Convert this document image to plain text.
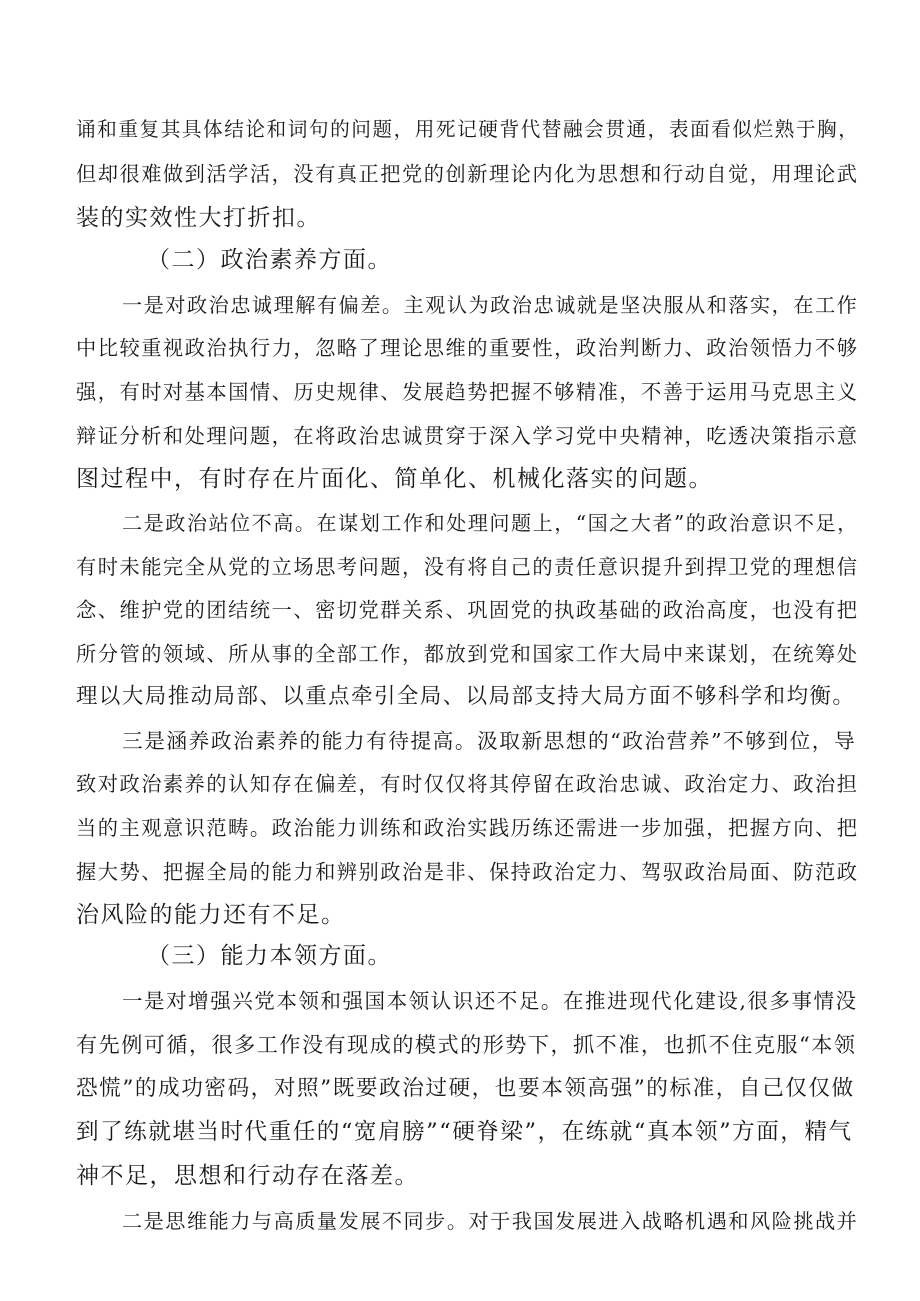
诵和重复其具体结论和词句的问题，用死记硬背代替融会贯通，表面看似烂熟于胸，
但却很难做到活学活，没有真正把党的创新理论内化为思想和行动自觉，用理论武
装的实效性大打折扣。
（二）政治素养方面。
一是对政治忠诚理解有偏差。主观认为政治忠诚就是坚决服从和落实，在工作
中比较重视政治执行力，忽略了理论思维的重要性，政治判断力、政治领悟力不够
强，有时对基本国情、历史规律、发展趋势把握不够精准，不善于运用马克思主义
辩证分析和处理问题，在将政治忠诚贯穿于深入学习党中央精神，吃透决策指示意
图过程中，有时存在片面化、简单化、机械化落实的问题。
二是政治站位不高。在谋划工作和处理问题上，“国之大者”的政治意识不足，
有时未能完全从党的立场思考问题，没有将自己的责任意识提升到捍卫党的理想信
念、维护党的团结统一、密切党群关系、巩固党的执政基础的政治高度，也没有把
所分管的领域、所从事的全部工作，都放到党和国家工作大局中来谋划，在统筹处
理以大局推动局部、以重点牵引全局、以局部支持大局方面不够科学和均衡。
三是涵养政治素养的能力有待提高。汲取新思想的“政治营养”不够到位，导
致对政治素养的认知存在偏差，有时仅仅将其停留在政治忠诚、政治定力、政治担
当的主观意识范畴。政治能力训练和政治实践历练还需进一步加强，把握方向、把
握大势、把握全局的能力和辨别政治是非、保持政治定力、驾驭政治局面、防范政
治风险的能力还有不足。
（三）能力本领方面。
一是对增强兴党本领和强国本领认识还不足。在推进现代化建设,很多事情没
有先例可循，很多工作没有现成的模式的形势下，抓不准，也抓不住克服“本领
恐慌”的成功密码，对照”既要政治过硬，也要本领高强”的标准，自己仅仅做
到了练就堪当时代重任的“宽肩膀”“硬脊梁”，在练就“真本领”方面，精气
神不足，思想和行动存在落差。
二是思维能力与高质量发展不同步。对于我国发展进入战略机遇和风险挑战并
